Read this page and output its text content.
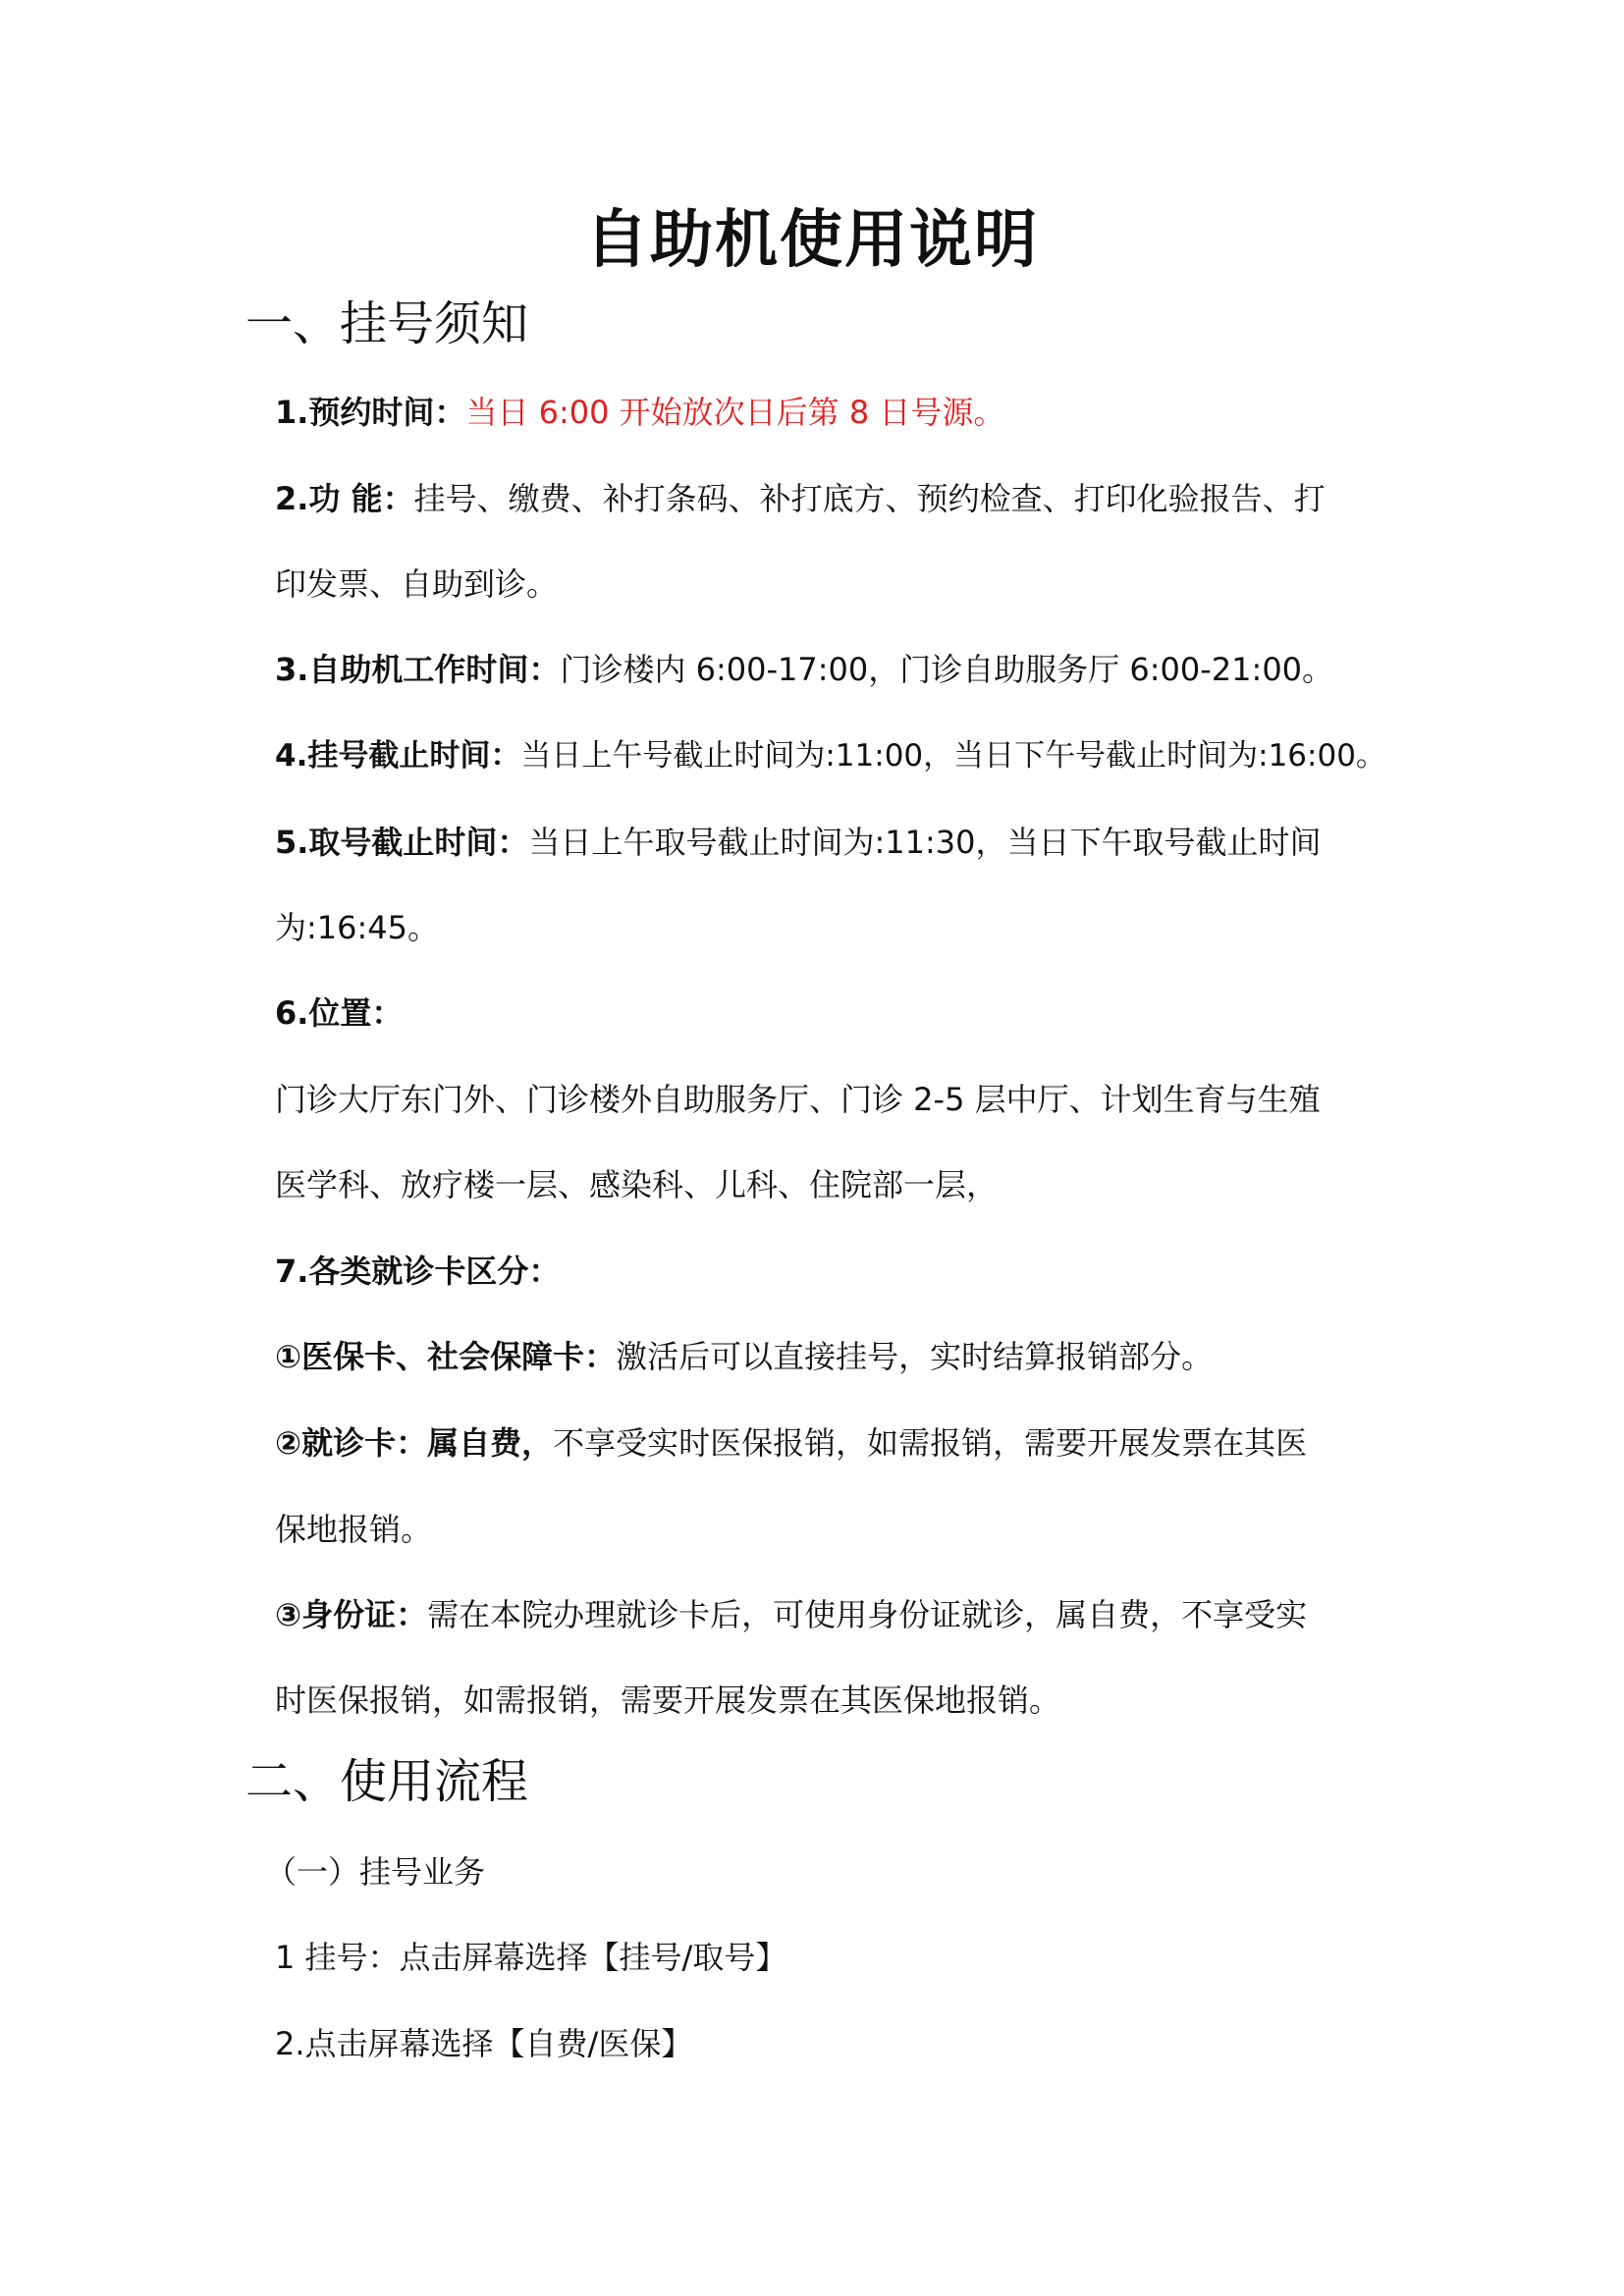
自助机使用说明
一、挂号须知
1.预约时间：当日 6:00 开始放次日后第 8 日号源。
2.功 能：挂号、缴费、补打条码、补打底方、预约检查、打印化验报告、打
印发票、自助到诊。
3.自助机工作时间：门诊楼内 6:00-17:00，门诊自助服务厅 6:00-21:00。
4.挂号截止时间：当日上午号截止时间为:11:00，当日下午号截止时间为:16:00。
5.取号截止时间：当日上午取号截止时间为:11:30，当日下午取号截止时间
为:16:45。
6.位置：
门诊大厅东门外、门诊楼外自助服务厅、门诊 2-5 层中厅、计划生育与生殖
医学科、放疗楼一层、感染科、儿科、住院部一层，
7.各类就诊卡区分：
①医保卡、社会保障卡：激活后可以直接挂号，实时结算报销部分。
②就诊卡：属自费，不享受实时医保报销，如需报销，需要开展发票在其医
保地报销。
③身份证：需在本院办理就诊卡后，可使用身份证就诊，属自费，不享受实
时医保报销，如需报销，需要开展发票在其医保地报销。
二、使用流程
（一）挂号业务
1 挂号：点击屏幕选择【挂号/取号】
2.点击屏幕选择【自费/医保】
